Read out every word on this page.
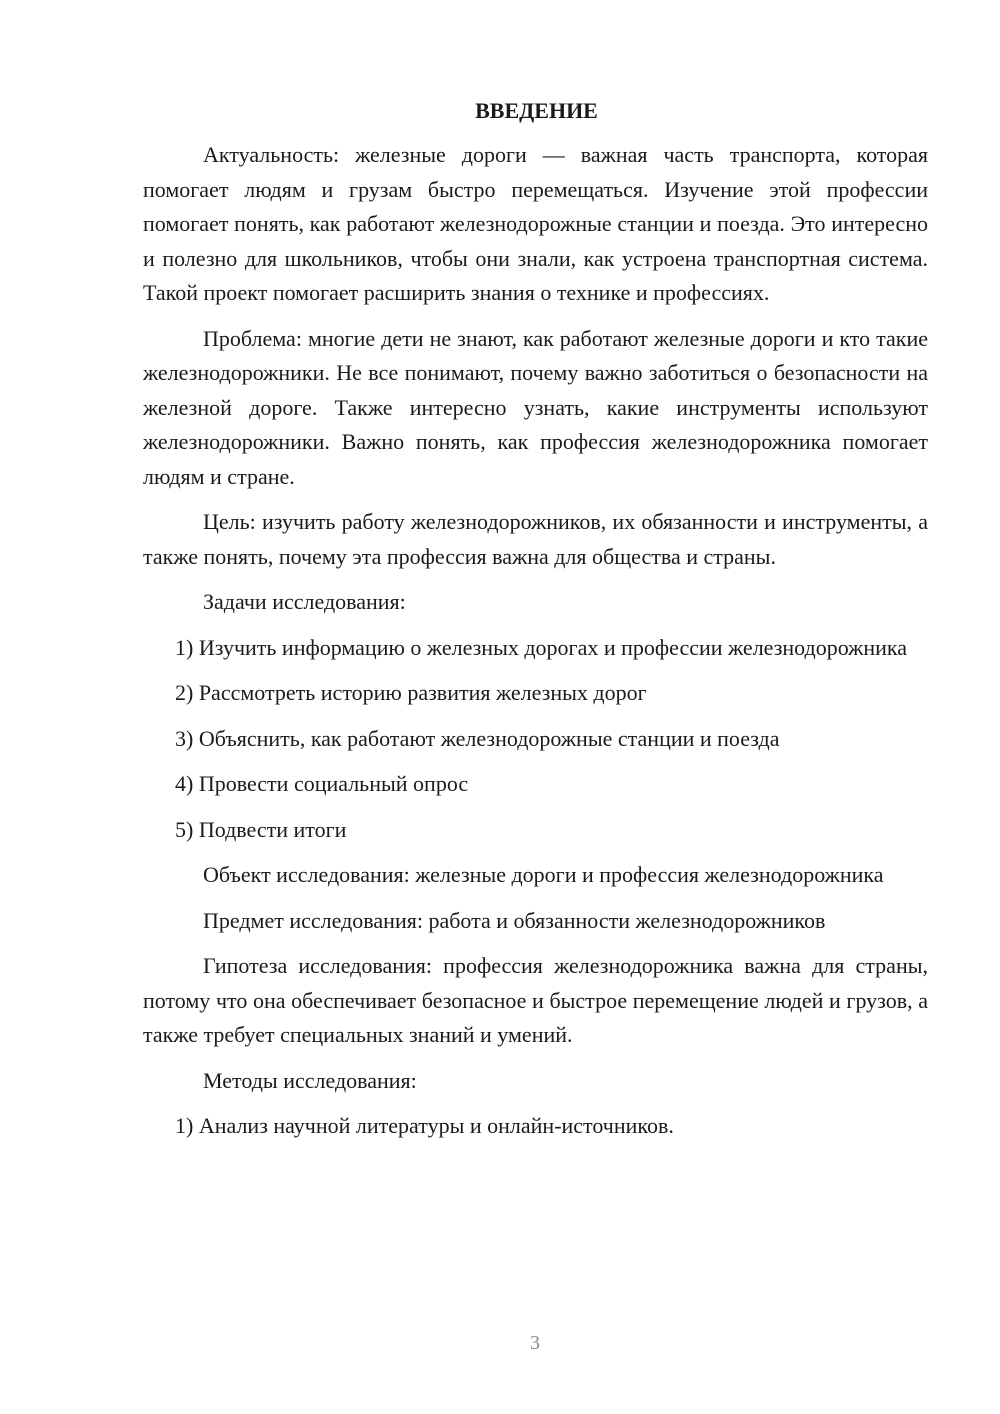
ВВЕДЕНИЕ

Актуальность: железные дороги — важная часть транспорта, которая помогает людям и грузам быстро перемещаться. Изучение этой профессии помогает понять, как работают железнодорожные станции и поезда. Это интересно и полезно для школьников, чтобы они знали, как устроена транспортная система. Такой проект помогает расширить знания о технике и профессиях.

Проблема: многие дети не знают, как работают железные дороги и кто такие железнодорожники. Не все понимают, почему важно заботиться о безопасности на железной дороге. Также интересно узнать, какие инструменты используют железнодорожники. Важно понять, как профессия железнодорожника помогает людям и стране.

Цель: изучить работу железнодорожников, их обязанности и инструменты, а также понять, почему эта профессия важна для общества и страны.

Задачи исследования:

1) Изучить информацию о железных дорогах и профессии железнодорожника

2) Рассмотреть историю развития железных дорог

3) Объяснить, как работают железнодорожные станции и поезда

4) Провести социальный опрос

5) Подвести итоги

Объект исследования: железные дороги и профессия железнодорожника

Предмет исследования: работа и обязанности железнодорожников

Гипотеза исследования: профессия железнодорожника важна для страны, потому что она обеспечивает безопасное и быстрое перемещение людей и грузов, а также требует специальных знаний и умений.

Методы исследования:

1) Анализ научной литературы и онлайн-источников.

3
